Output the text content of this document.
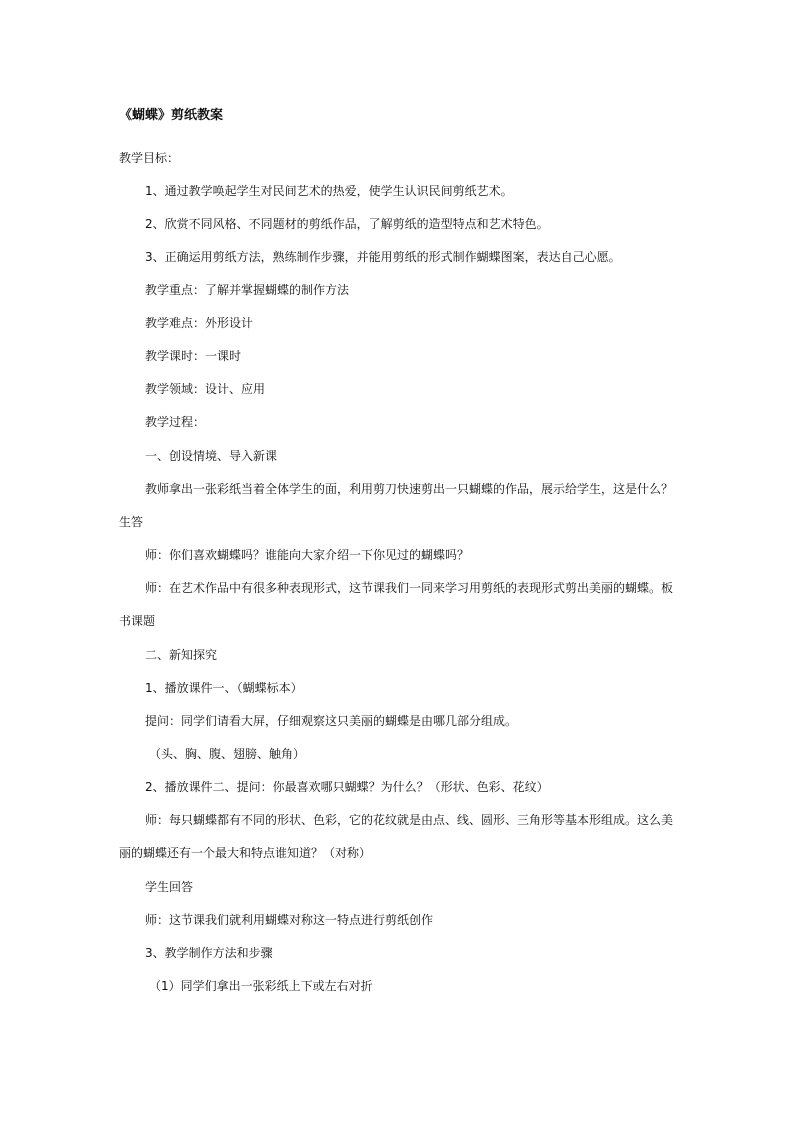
《蝴蝶》剪纸教案
教学目标：
1、通过教学唤起学生对民间艺术的热爱，使学生认识民间剪纸艺术。
2、欣赏不同风格、不同题材的剪纸作品，了解剪纸的造型特点和艺术特色。
3、正确运用剪纸方法，熟练制作步骤，并能用剪纸的形式制作蝴蝶图案，表达自己心愿。
教学重点：了解并掌握蝴蝶的制作方法
教学难点：外形设计
教学课时：一课时
教学领域：设计、应用
教学过程：
一、创设情境、导入新课
教师拿出一张彩纸当着全体学生的面，利用剪刀快速剪出一只蝴蝶的作品，展示给学生，这是什么？
生答
师：你们喜欢蝴蝶吗？谁能向大家介绍一下你见过的蝴蝶吗？
师：在艺术作品中有很多种表现形式，这节课我们一同来学习用剪纸的表现形式剪出美丽的蝴蝶。板
书课题
二、新知探究
1、播放课件一、（蝴蝶标本）
提问：同学们请看大屏，仔细观察这只美丽的蝴蝶是由哪几部分组成。
（头、胸、腹、翅膀、触角）
2、播放课件二、提问：你最喜欢哪只蝴蝶？为什么？（形状、色彩、花纹）
师：每只蝴蝶都有不同的形状、色彩，它的花纹就是由点、线、圆形、三角形等基本形组成。这么美
丽的蝴蝶还有一个最大和特点谁知道？（对称）
学生回答
师：这节课我们就利用蝴蝶对称这一特点进行剪纸创作
3、教学制作方法和步骤
（1）同学们拿出一张彩纸上下或左右对折
